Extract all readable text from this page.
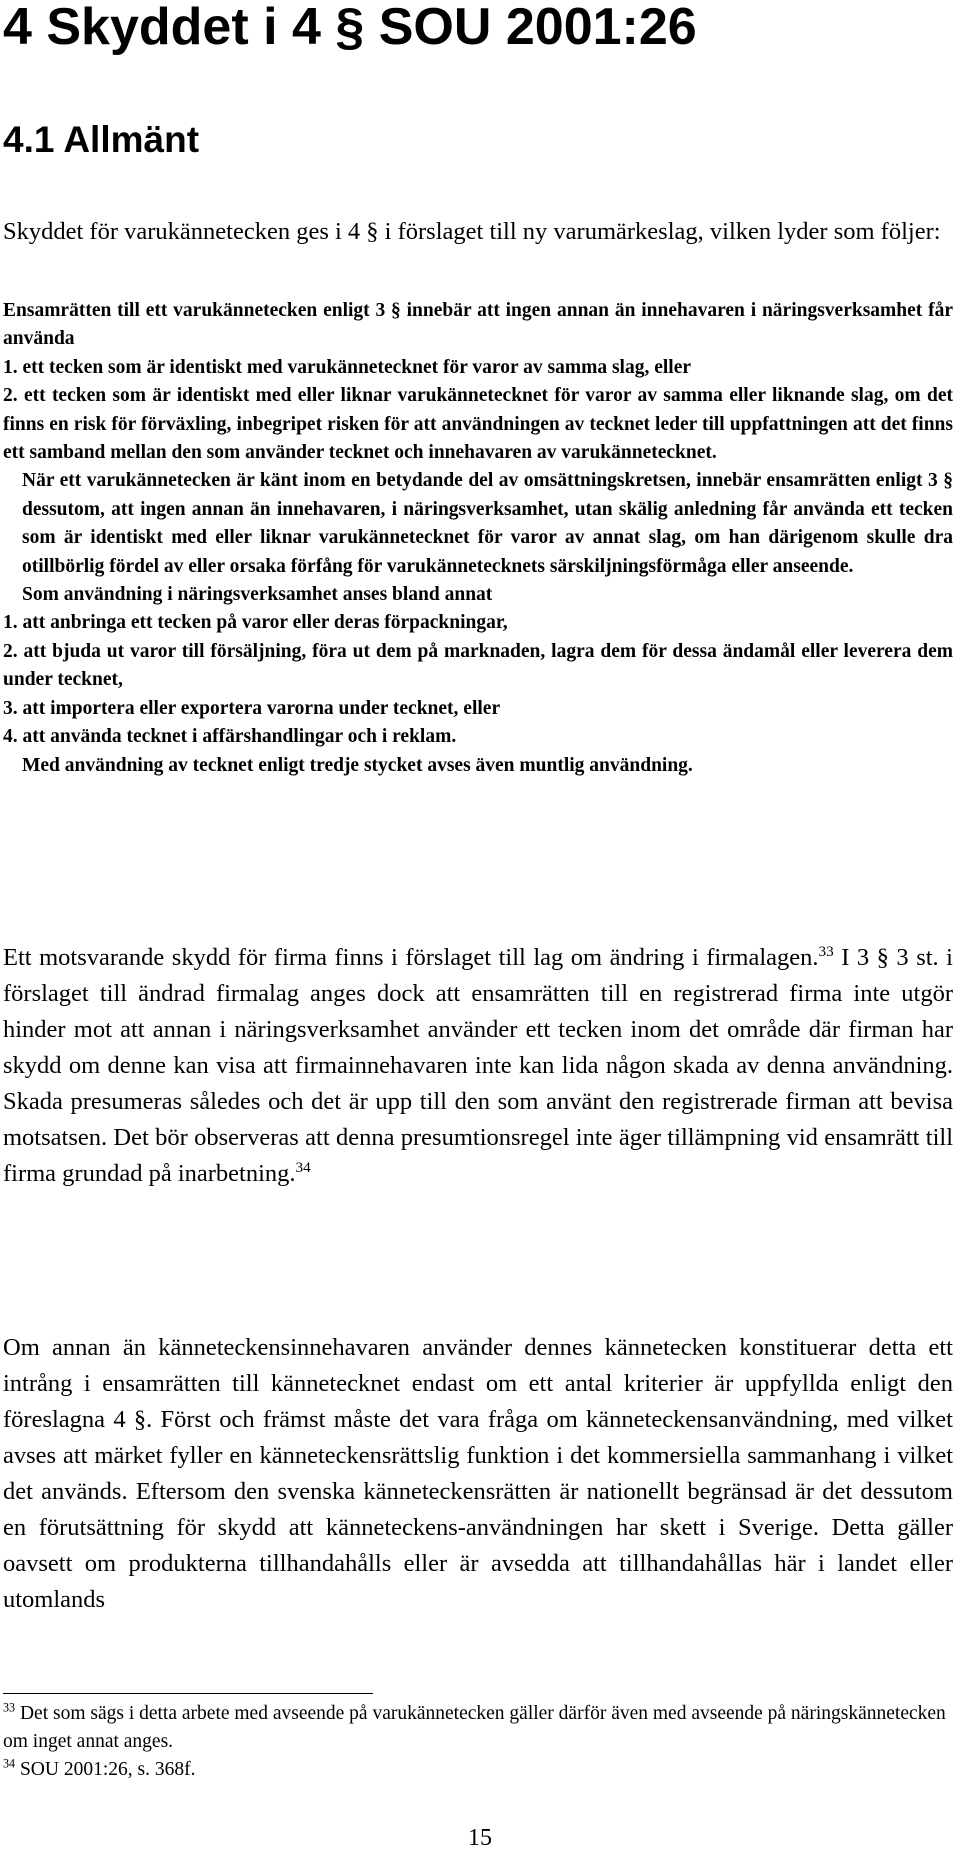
4 Skyddet i 4 § SOU 2001:26
4.1 Allmänt

Skyddet för varukännetecken ges i 4 § i förslaget till ny varumärkeslag, vilken lyder som följer:

Ensamrätten till ett varukännetecken enligt 3 § innebär att ingen annan än innehavaren i näringsverksamhet får använda

1. ett tecken som är identiskt med varukännetecknet för varor av samma slag, eller

2. ett tecken som är identiskt med eller liknar varukännetecknet för varor av samma eller liknande slag, om det finns en risk för förväxling, inbegripet risken för att användningen av tecknet leder till uppfattningen att det finns ett samband mellan den som använder tecknet och innehavaren av varukännetecknet.

När ett varukännetecken är känt inom en betydande del av omsättningskretsen, innebär ensamrätten enligt 3 § dessutom, att ingen annan än innehavaren, i näringsverksamhet, utan skälig anledning får använda ett tecken som är identiskt med eller liknar varukännetecknet för varor av annat slag, om han därigenom skulle dra otillbörlig fördel av eller orsaka förfång för varukännetecknets särskiljningsförmåga eller anseende.

Som användning i näringsverksamhet anses bland annat

1. att anbringa ett tecken på varor eller deras förpackningar,

2. att bjuda ut varor till försäljning, föra ut dem på marknaden, lagra dem för dessa ändamål eller leverera dem under tecknet,

3. att importera eller exportera varorna under tecknet, eller

4. att använda tecknet i affärshandlingar och i reklam.

Med användning av tecknet enligt tredje stycket avses även muntlig användning.

Ett motsvarande skydd för firma finns i förslaget till lag om ändring i firmalagen.$^{33}$ I 3 § 3 st. i förslaget till ändrad firmalag anges dock att ensamrätten till en registrerad firma inte utgör hinder mot att annan i näringsverksamhet använder ett tecken inom det område där firman har skydd om denne kan visa att firmainnehavaren inte kan lida någon skada av denna användning. Skada presumeras således och det är upp till den som använt den registrerade firman att bevisa motsatsen. Det bör observeras att denna presumtionsregel inte äger tillämpning vid ensamrätt till firma grundad på inarbetning.$^{34}$

Om annan än känneteckensinnehavaren använder dennes kännetecken konstituerar detta ett intrång i ensamrätten till kännetecknet endast om ett antal kriterier är uppfyllda enligt den föreslagna 4 §. Först och främst måste det vara fråga om känneteckensanvändning, med vilket avses att märket fyller en känneteckensrättslig funktion i det kommersiella sammanhang i vilket det används. Eftersom den svenska känneteckensrätten är nationellt begränsad är det dessutom en förutsättning för skydd att känneteckens-användningen har skett i Sverige. Detta gäller oavsett om produkterna tillhandahålls eller är avsedda att tillhandahållas här i landet eller utomlands

$^{33}$ Det som sägs i detta arbete med avseende på varukännetecken gäller därför även med avseende på näringskännetecken om inget annat anges.

$^{34}$ SOU 2001:26, s. 368f.

15
